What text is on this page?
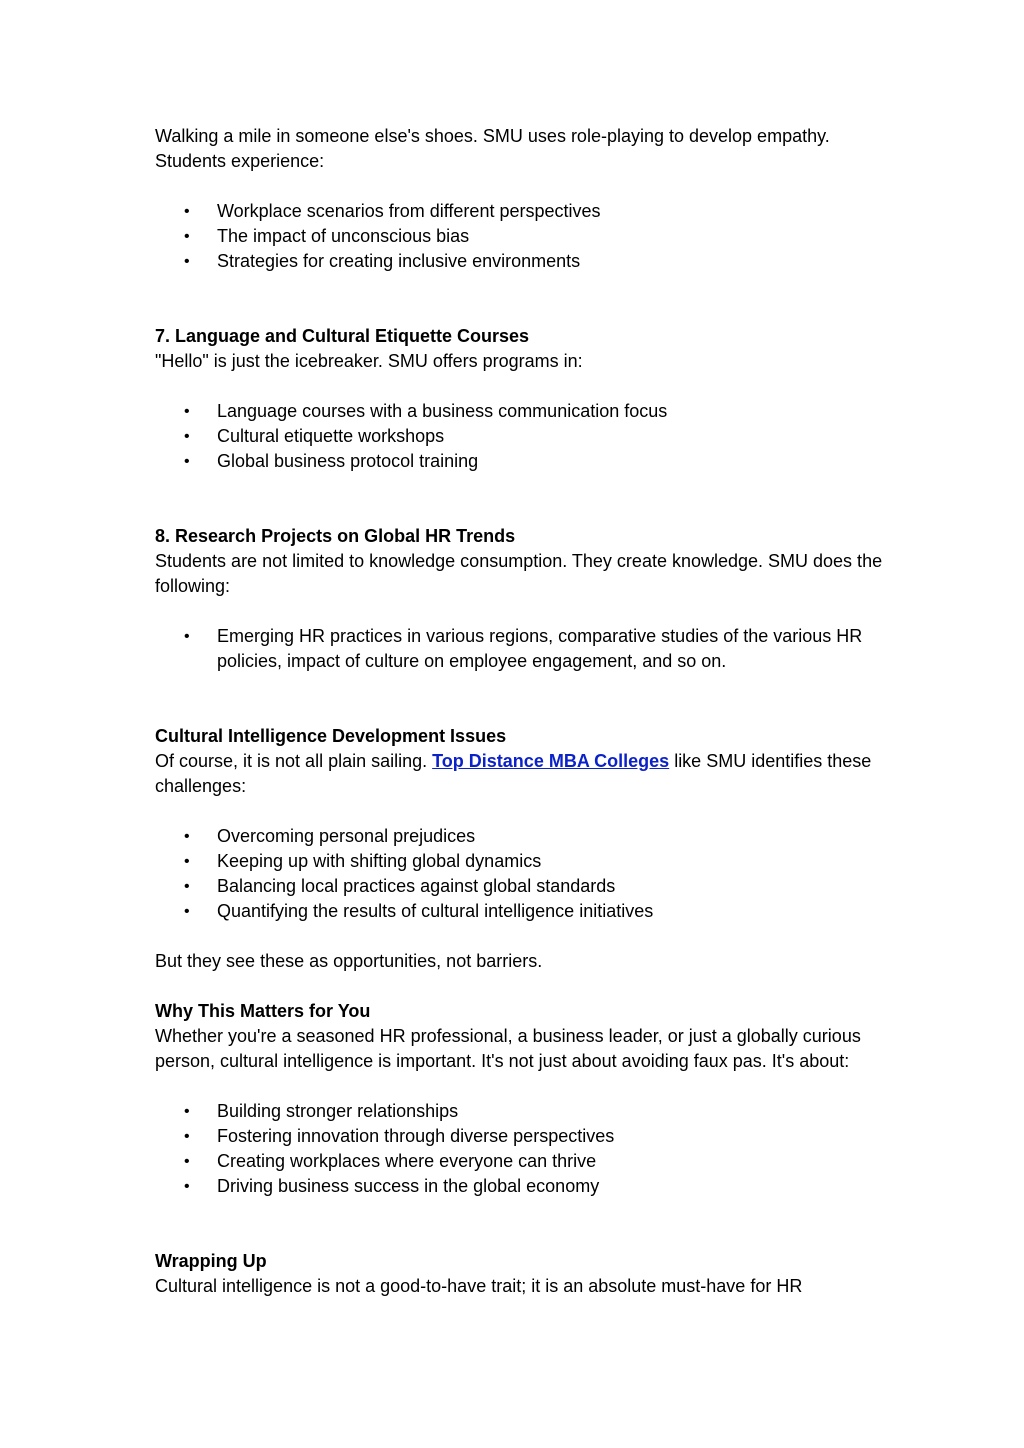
Walking a mile in someone else's shoes. SMU uses role-playing to develop empathy. Students experience:

• Workplace scenarios from different perspectives
• The impact of unconscious bias
• Strategies for creating inclusive environments

7. Language and Cultural Etiquette Courses

"Hello" is just the icebreaker. SMU offers programs in:

• Language courses with a business communication focus
• Cultural etiquette workshops
• Global business protocol training

8. Research Projects on Global HR Trends

Students are not limited to knowledge consumption. They create knowledge. SMU does the following:

• Emerging HR practices in various regions, comparative studies of the various HR policies, impact of culture on employee engagement, and so on.

Cultural Intelligence Development Issues

Of course, it is not all plain sailing. Top Distance MBA Colleges like SMU identifies these challenges:

• Overcoming personal prejudices
• Keeping up with shifting global dynamics
• Balancing local practices against global standards
• Quantifying the results of cultural intelligence initiatives

But they see these as opportunities, not barriers.

Why This Matters for You

Whether you're a seasoned HR professional, a business leader, or just a globally curious person, cultural intelligence is important. It's not just about avoiding faux pas. It's about:

• Building stronger relationships
• Fostering innovation through diverse perspectives
• Creating workplaces where everyone can thrive
• Driving business success in the global economy

Wrapping Up

Cultural intelligence is not a good-to-have trait; it is an absolute must-have for HR
